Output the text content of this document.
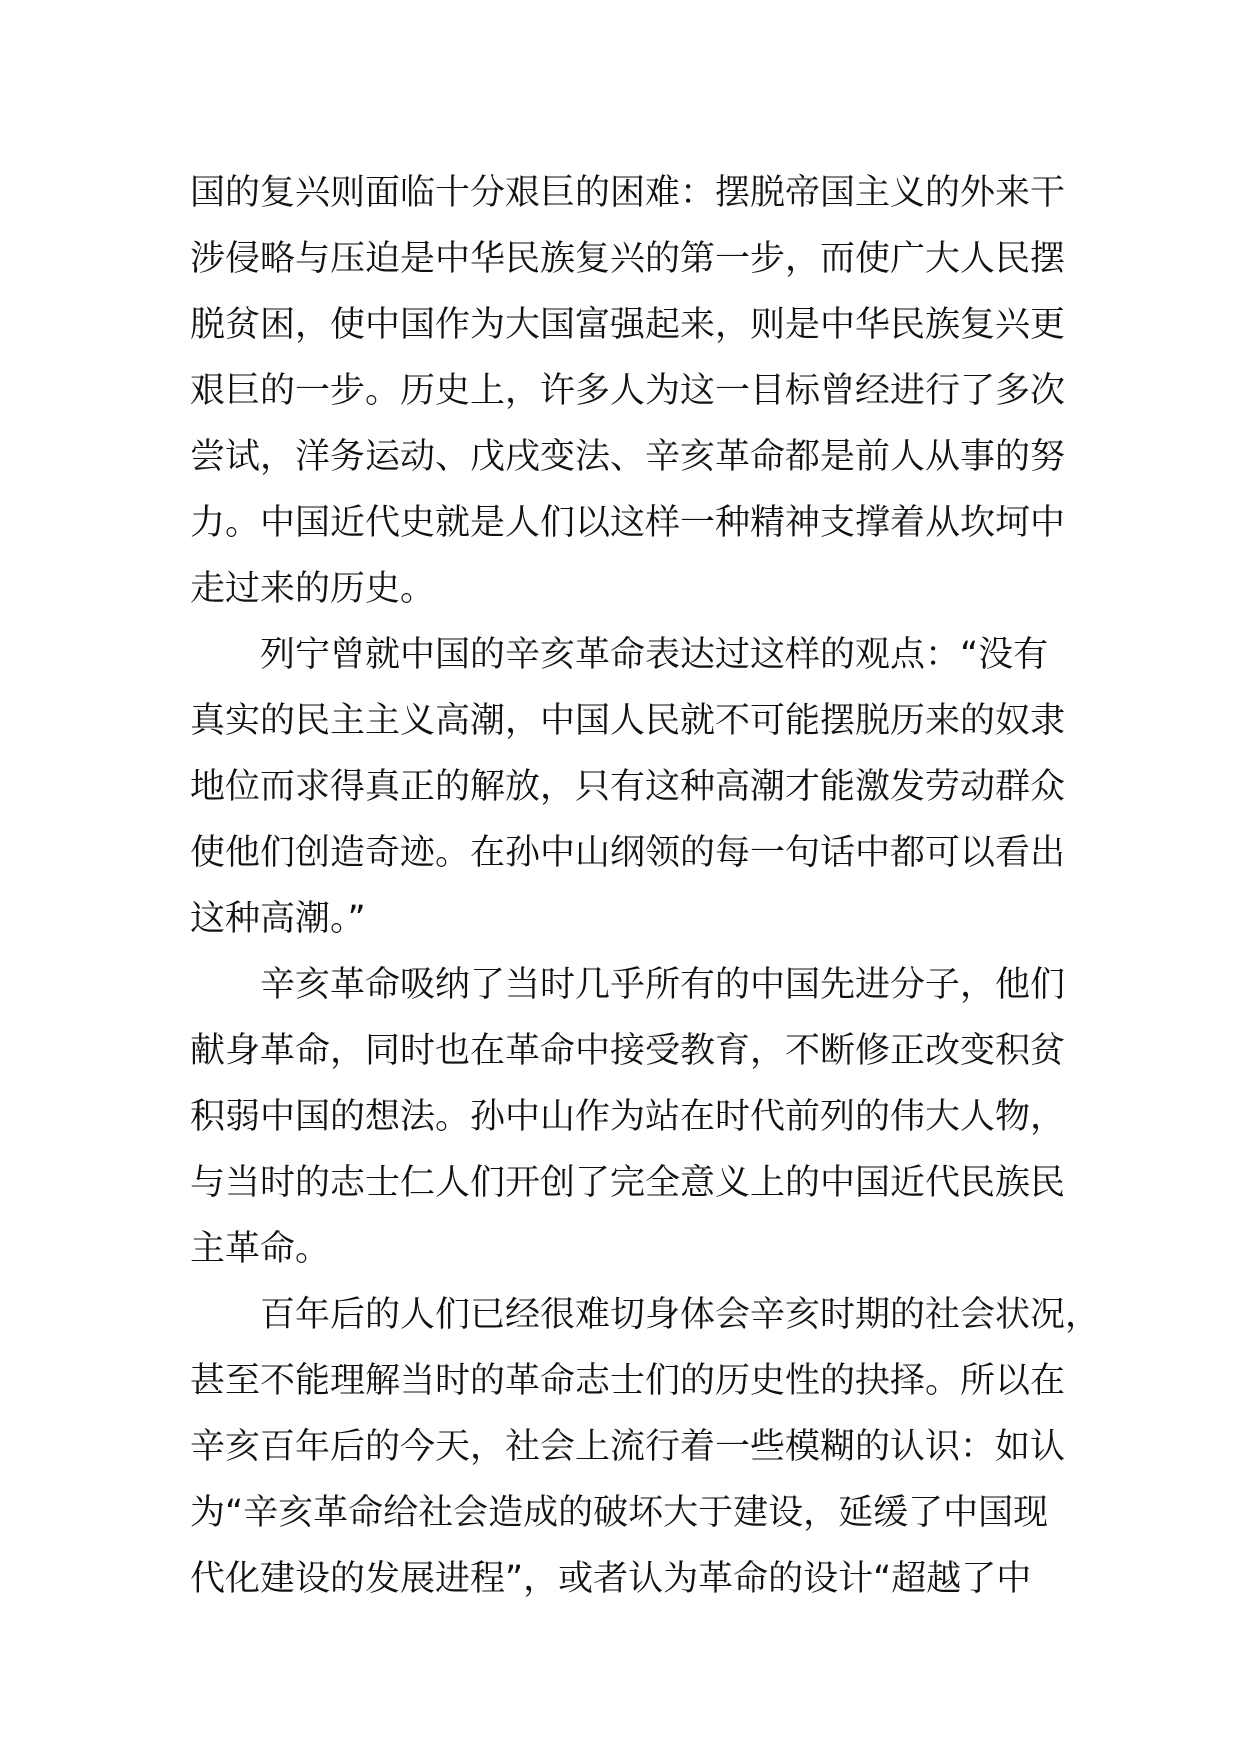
国的复兴则面临十分艰巨的困难：摆脱帝国主义的外来干
涉侵略与压迫是中华民族复兴的第一步，而使广大人民摆
脱贫困，使中国作为大国富强起来，则是中华民族复兴更
艰巨的一步。历史上，许多人为这一目标曾经进行了多次
尝试，洋务运动、戊戌变法、辛亥革命都是前人从事的努
力。中国近代史就是人们以这样一种精神支撑着从坎坷中
走过来的历史。
列宁曾就中国的辛亥革命表达过这样的观点：“没有
真实的民主主义高潮，中国人民就不可能摆脱历来的奴隶
地位而求得真正的解放，只有这种高潮才能激发劳动群众
使他们创造奇迹。在孙中山纲领的每一句话中都可以看出
这种高潮。”
辛亥革命吸纳了当时几乎所有的中国先进分子，他们
献身革命，同时也在革命中接受教育，不断修正改变积贫
积弱中国的想法。孙中山作为站在时代前列的伟大人物，
与当时的志士仁人们开创了完全意义上的中国近代民族民
主革命。
百年后的人们已经很难切身体会辛亥时期的社会状况，
甚至不能理解当时的革命志士们的历史性的抉择。所以在
辛亥百年后的今天，社会上流行着一些模糊的认识：如认
为“辛亥革命给社会造成的破坏大于建设，延缓了中国现
代化建设的发展进程”，或者认为革命的设计“超越了中
